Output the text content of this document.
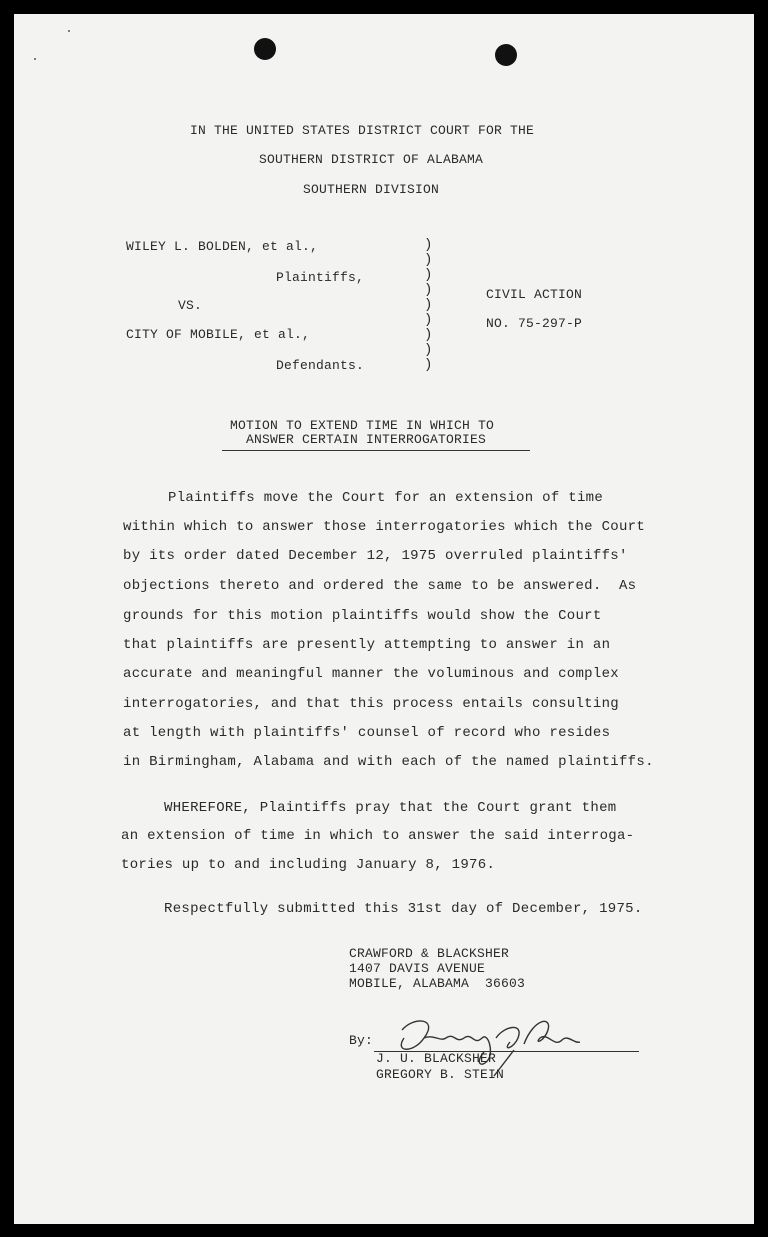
IN THE UNITED STATES DISTRICT COURT FOR THE
SOUTHERN DISTRICT OF ALABAMA
SOUTHERN DIVISION
WILEY L. BOLDEN, et al.,
Plaintiffs,
VS.
CITY OF MOBILE, et al.,
Defendants.
)
)
)
)
)
)
)
)
)
CIVIL ACTION
NO. 75-297-P
MOTION TO EXTEND TIME IN WHICH TO
ANSWER CERTAIN INTERROGATORIES
Plaintiffs move the Court for an extension of time
within which to answer those interrogatories which the Court
by its order dated December 12, 1975 overruled plaintiffs'
objections thereto and ordered the same to be answered.  As
grounds for this motion plaintiffs would show the Court
that plaintiffs are presently attempting to answer in an
accurate and meaningful manner the voluminous and complex
interrogatories, and that this process entails consulting
at length with plaintiffs' counsel of record who resides
in Birmingham, Alabama and with each of the named plaintiffs.
WHEREFORE, Plaintiffs pray that the Court grant them
an extension of time in which to answer the said interroga-
tories up to and including January 8, 1976.
Respectfully submitted this 31st day of December, 1975.
CRAWFORD & BLACKSHER
1407 DAVIS AVENUE
MOBILE, ALABAMA  36603
By:
J. U. BLACKSHER
GREGORY B. STEIN
